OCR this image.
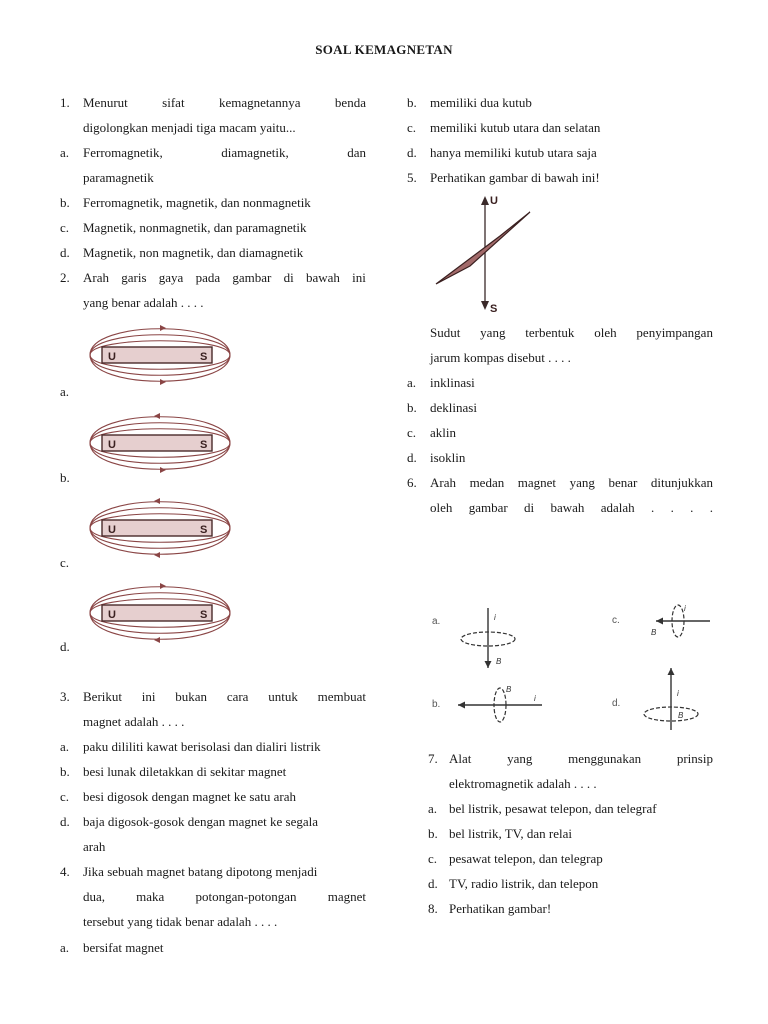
SOAL KEMAGNETAN
1. Menurut	sifat	kemagnetannya	benda
digolongkan menjadi tiga macam yaitu...
a. Ferromagnetik,	diamagnetik,	dan
paramagnetik
b. Ferromagnetik, magnetik, dan nonmagnetik
c. Magnetik, nonmagnetik, dan paramagnetik
d. Magnetik, non magnetik, dan diamagnetik
2. Arah garis gaya pada gambar di bawah ini
yang benar adalah . . . .
a.
b.
c.
d.
U	S
U	S
U	S
U	S
3. Berikut ini bukan cara untuk membuat
magnet adalah . . . .
a. paku dililiti kawat berisolasi dan dialiri listrik
b. besi lunak diletakkan di sekitar magnet
c. besi digosok dengan magnet ke satu arah
d. baja digosok-gosok dengan magnet ke segala
arah
4. Jika sebuah magnet batang dipotong menjadi
dua, maka potongan-potongan magnet
tersebut yang tidak benar adalah . . . .
a. bersifat magnet
b. memiliki dua kutub
c. memiliki kutub utara dan selatan
d. hanya memiliki kutub utara saja
5. Perhatikan gambar di bawah ini!
U
S
Sudut yang terbentuk oleh penyimpangan
jarum kompas disebut . . . .
a. inklinasi
b. deklinasi
c. aklin
d. isoklin
6. Arah medan magnet yang benar ditunjukkan
oleh gambar di bawah adalah . . . .
a.	i
B
c.
i
B
b.
B
i	d.
i
B
7. Alat	yang	menggunakan	prinsip
elektromagnetik adalah . . . .
a. bel listrik, pesawat telepon, dan telegraf
b. bel listrik, TV, dan relai
c. pesawat telepon, dan telegrap
d. TV, radio listrik, dan telepon
8. Perhatikan gambar!
